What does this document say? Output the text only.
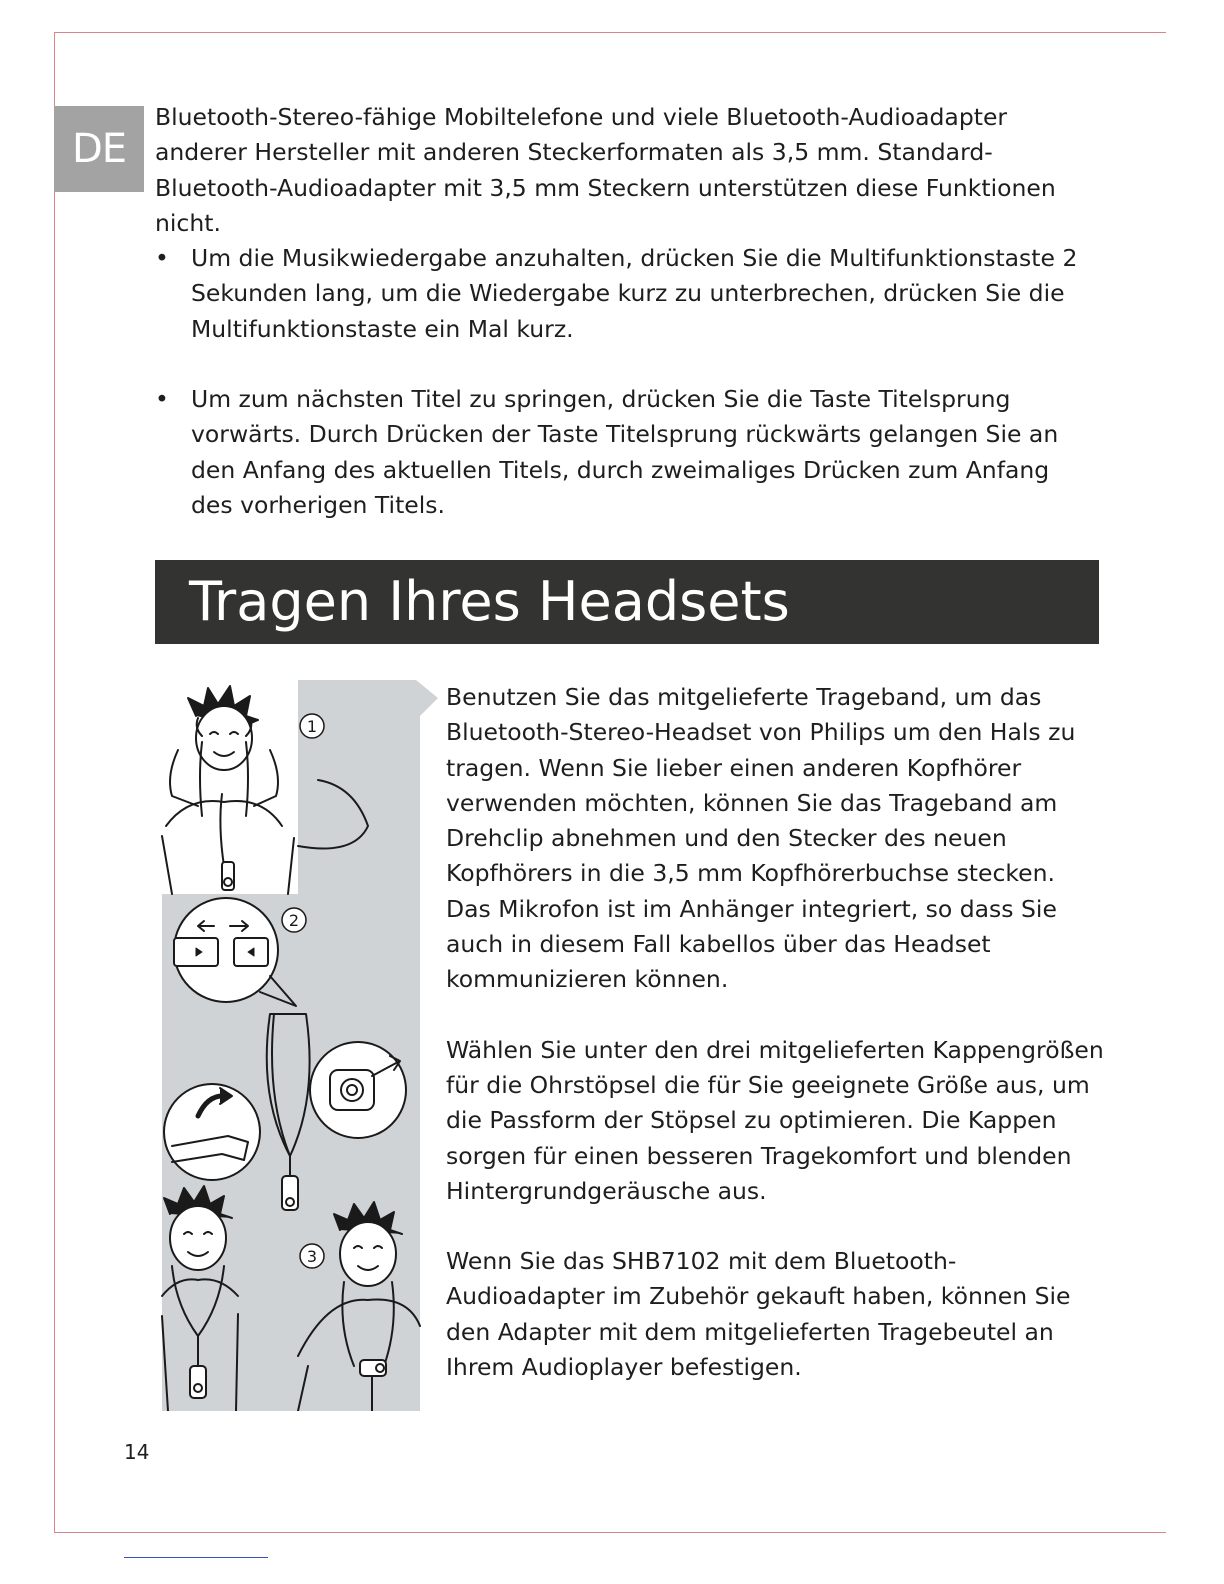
DE

Bluetooth-Stereo-fähige Mobiltelefone und viele Bluetooth-Audioadapter anderer Hersteller mit anderen Steckerformaten als 3,5 mm. Standard-Bluetooth-Audioadapter mit 3,5 mm Steckern unterstützen diese Funktionen nicht.

• Um die Musikwiedergabe anzuhalten, drücken Sie die Multifunktionstaste 2 Sekunden lang, um die Wiedergabe kurz zu unterbrechen, drücken Sie die Multifunktionstaste ein Mal kurz.
• Um zum nächsten Titel zu springen, drücken Sie die Taste Titelsprung vorwärts. Durch Drücken der Taste Titelsprung rückwärts gelangen Sie an den Anfang des aktuellen Titels, durch zweimaliges Drücken zum Anfang des vorherigen Titels.
Tragen Ihres Headsets
1
2
3

Benutzen Sie das mitgelieferte Trageband, um das Bluetooth-Stereo-Headset von Philips um den Hals zu tragen. Wenn Sie lieber einen anderen Kopfhörer verwenden möchten, können Sie das Trageband am Drehclip abnehmen und den Stecker des neuen Kopfhörers in die 3,5 mm Kopfhörerbuchse stecken. Das Mikrofon ist im Anhänger integriert, so dass Sie auch in diesem Fall kabellos über das Headset kommunizieren können.

Wählen Sie unter den drei mitgelieferten Kappengrößen für die Ohrstöpsel die für Sie geeignete Größe aus, um die Passform der Stöpsel zu optimieren. Die Kappen sorgen für einen besseren Tragekomfort und blenden Hintergrundgeräusche aus.

Wenn Sie das SHB7102 mit dem Bluetooth-Audioadapter im Zubehör gekauft haben, können Sie den Adapter mit dem mitgelieferten Tragebeutel an Ihrem Audioplayer befestigen.

14
